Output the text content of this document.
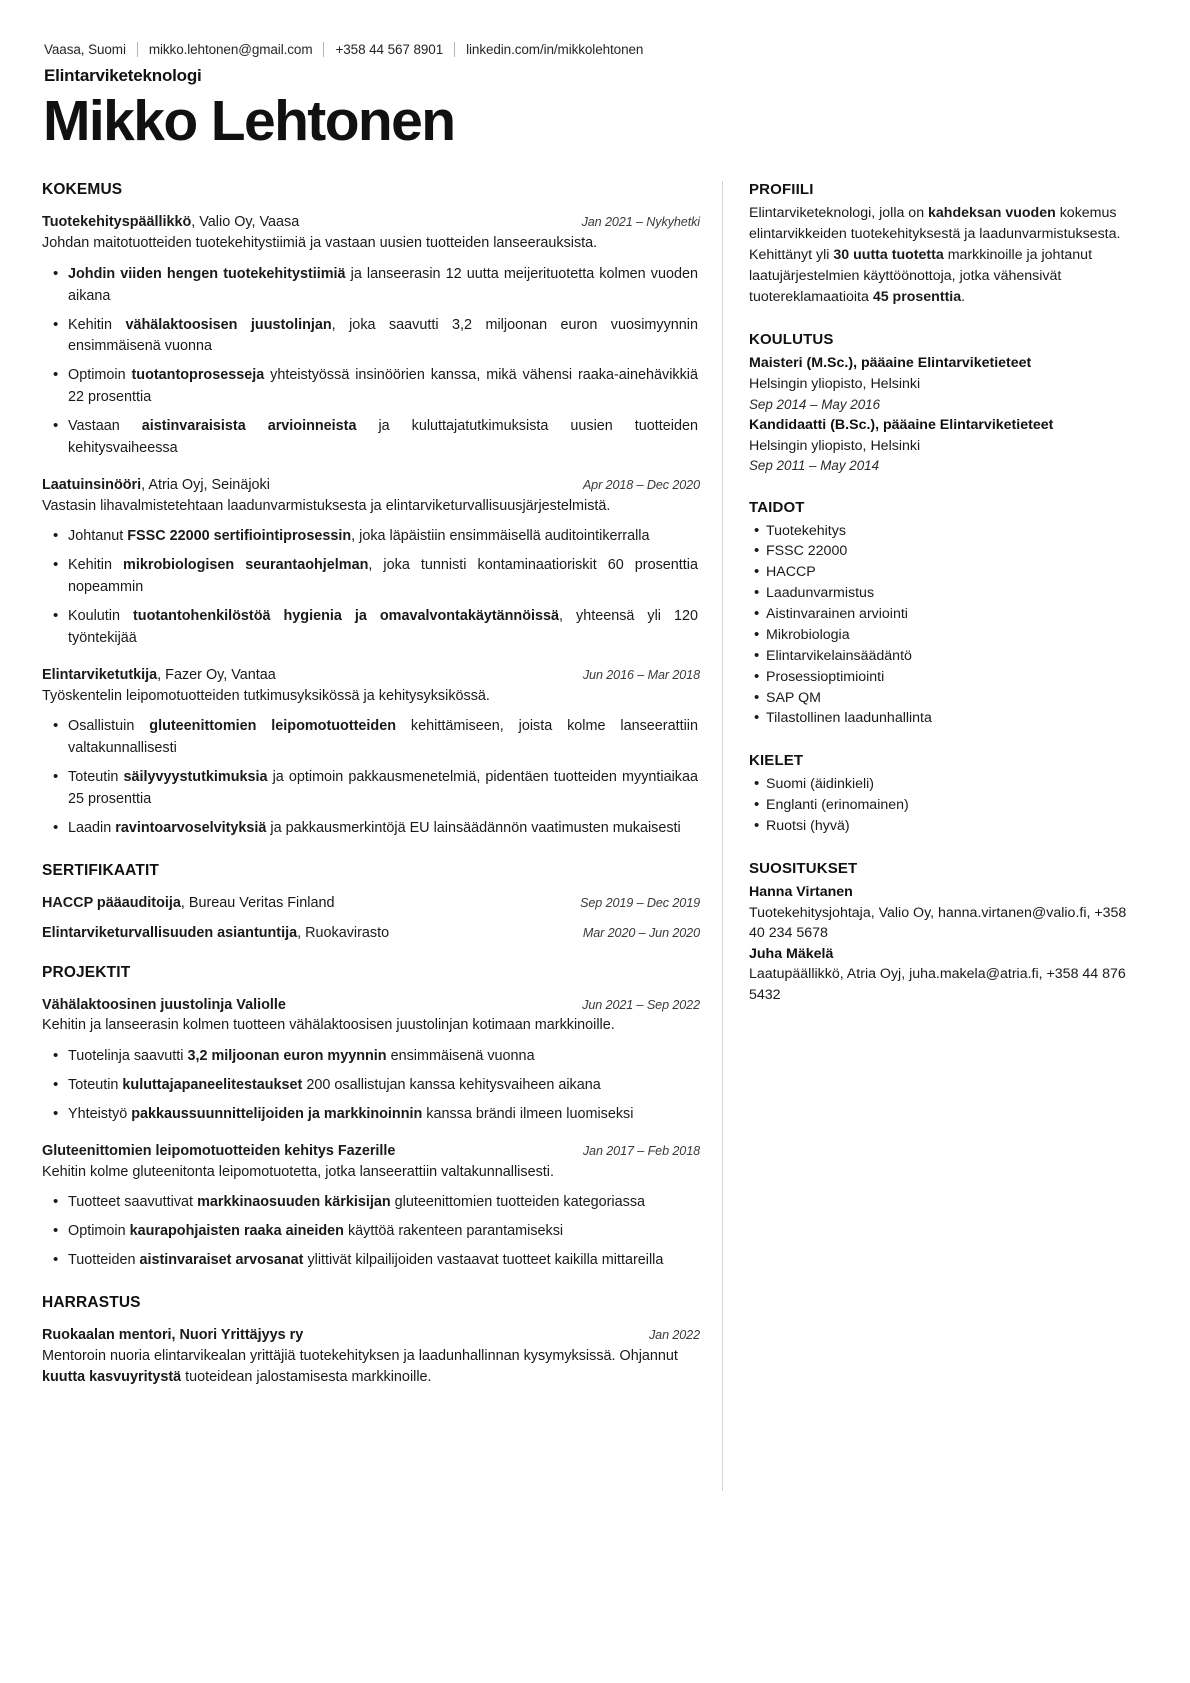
Vaasa, Suomi mikko.lehtonen@gmail.com +358 44 567 8901 linkedin.com/in/mikkolehtonen
Elintarviketeknologi
Mikko Lehtonen
KOKEMUS
Tuotekehityspäällikkö, Valio Oy, Vaasa	Jan 2021 – Nykyhetki
Johdan maitotuotteiden tuotekehitystiimiä ja vastaan uusien tuotteiden lanseerauksista.
• Johdin viiden hengen tuotekehitystiimiä ja lanseerasin 12 uutta meijerituotetta kolmen vuoden aikana
• Kehitin vähälaktoosisen juustolinjan, joka saavutti 3,2 miljoonan euron vuosimyynnin ensimmäisenä vuonna
• Optimoin tuotantoprosesseja yhteistyössä insinöörien kanssa, mikä vähensi raaka-ainehävikkiä 22 prosenttia
• Vastaan aistinvaraisista arvioinneista ja kuluttajatutkimuksista uusien tuotteiden kehitysvaiheessa
Laatuinsinööri, Atria Oyj, Seinäjoki	Apr 2018 – Dec 2020
Vastasin lihavalmistetehtaan laadunvarmistuksesta ja elintarviketurvallisuusjärjestelmistä.
• Johtanut FSSC 22000 sertifiointiprosessin, joka läpäistiin ensimmäisellä auditointikerralla
• Kehitin mikrobiologisen seurantaohjelman, joka tunnisti kontaminaatioriskit 60 prosenttia nopeammin
• Koulutin tuotantohenkilöstöä hygienia ja omavalvontakäytännöissä, yhteensä yli 120 työntekijää
Elintarviketutkija, Fazer Oy, Vantaa	Jun 2016 – Mar 2018
Työskentelin leipomotuotteiden tutkimusyksikössä ja kehitysyksikössä.
• Osallistuin gluteenittomien leipomotuotteiden kehittämiseen, joista kolme lanseerattiin valtakunnallisesti
• Toteutin säilyvyystutkimuksia ja optimoin pakkausmenetelmiä, pidentäen tuotteiden myyntiaikaa 25 prosenttia
• Laadin ravintoarvoselvityksiä ja pakkausmerkintöjä EU lainsäädännön vaatimusten mukaisesti
SERTIFIKAATIT
HACCP pääauditoija, Bureau Veritas Finland	Sep 2019 – Dec 2019
Elintarviketurvallisuuden asiantuntija, Ruokavirasto	Mar 2020 – Jun 2020
PROJEKTIT
Vähälaktoosinen juustolinja Valiolle	Jun 2021 – Sep 2022
Kehitin ja lanseerasin kolmen tuotteen vähälaktoosisen juustolinjan kotimaan markkinoille.
• Tuotelinja saavutti 3,2 miljoonan euron myynnin ensimmäisenä vuonna
• Toteutin kuluttajapaneelitestaukset 200 osallistujan kanssa kehitysvaiheen aikana
• Yhteistyö pakkaussuunnittelijoiden ja markkinoinnin kanssa brändi ilmeen luomiseksi
Gluteenittomien leipomotuotteiden kehitys Fazerille	Jan 2017 – Feb 2018
Kehitin kolme gluteenitonta leipomotuotetta, jotka lanseerattiin valtakunnallisesti.
• Tuotteet saavuttivat markkinaosuuden kärkisijan gluteenittomien tuotteiden kategoriassa
• Optimoin kaurapohjaisten raaka aineiden käyttöä rakenteen parantamiseksi
• Tuotteiden aistinvaraiset arvosanat ylittivät kilpailijoiden vastaavat tuotteet kaikilla mittareilla
HARRASTUS
Ruokaalan mentori, Nuori Yrittäjyys ry	Jan 2022
Mentoroin nuoria elintarvikealan yrittäjiä tuotekehityksen ja laadunhallinnan kysymyksissä. Ohjannut kuutta kasvuyritystä tuoteidean jalostamisesta markkinoille.
PROFIILI
Elintarviketeknologi, jolla on kahdeksan vuoden kokemus elintarvikkeiden tuotekehityksestä ja laadunvarmistuksesta. Kehittänyt yli 30 uutta tuotetta markkinoille ja johtanut laatujärjestelmien käyttöönottoja, jotka vähensivät tuotereklamaatioita 45 prosenttia.
KOULUTUS
Maisteri (M.Sc.), pääaine Elintarviketieteet
Helsingin yliopisto, Helsinki
Sep 2014 – May 2016
Kandidaatti (B.Sc.), pääaine Elintarviketieteet
Helsingin yliopisto, Helsinki
Sep 2011 – May 2014
TAIDOT
• Tuotekehitys
• FSSC 22000
• HACCP
• Laadunvarmistus
• Aistinvarainen arviointi
• Mikrobiologia
• Elintarvikelainsäädäntö
• Prosessioptimiointi
• SAP QM
• Tilastollinen laadunhallinta
KIELET
• Suomi (äidinkieli)
• Englanti (erinomainen)
• Ruotsi (hyvä)
SUOSITUKSET
Hanna Virtanen
Tuotekehitysjohtaja, Valio Oy, hanna.virtanen@valio.fi, +358 40 234 5678
Juha Mäkelä
Laatupäällikkö, Atria Oyj, juha.makela@atria.fi, +358 44 876 5432
